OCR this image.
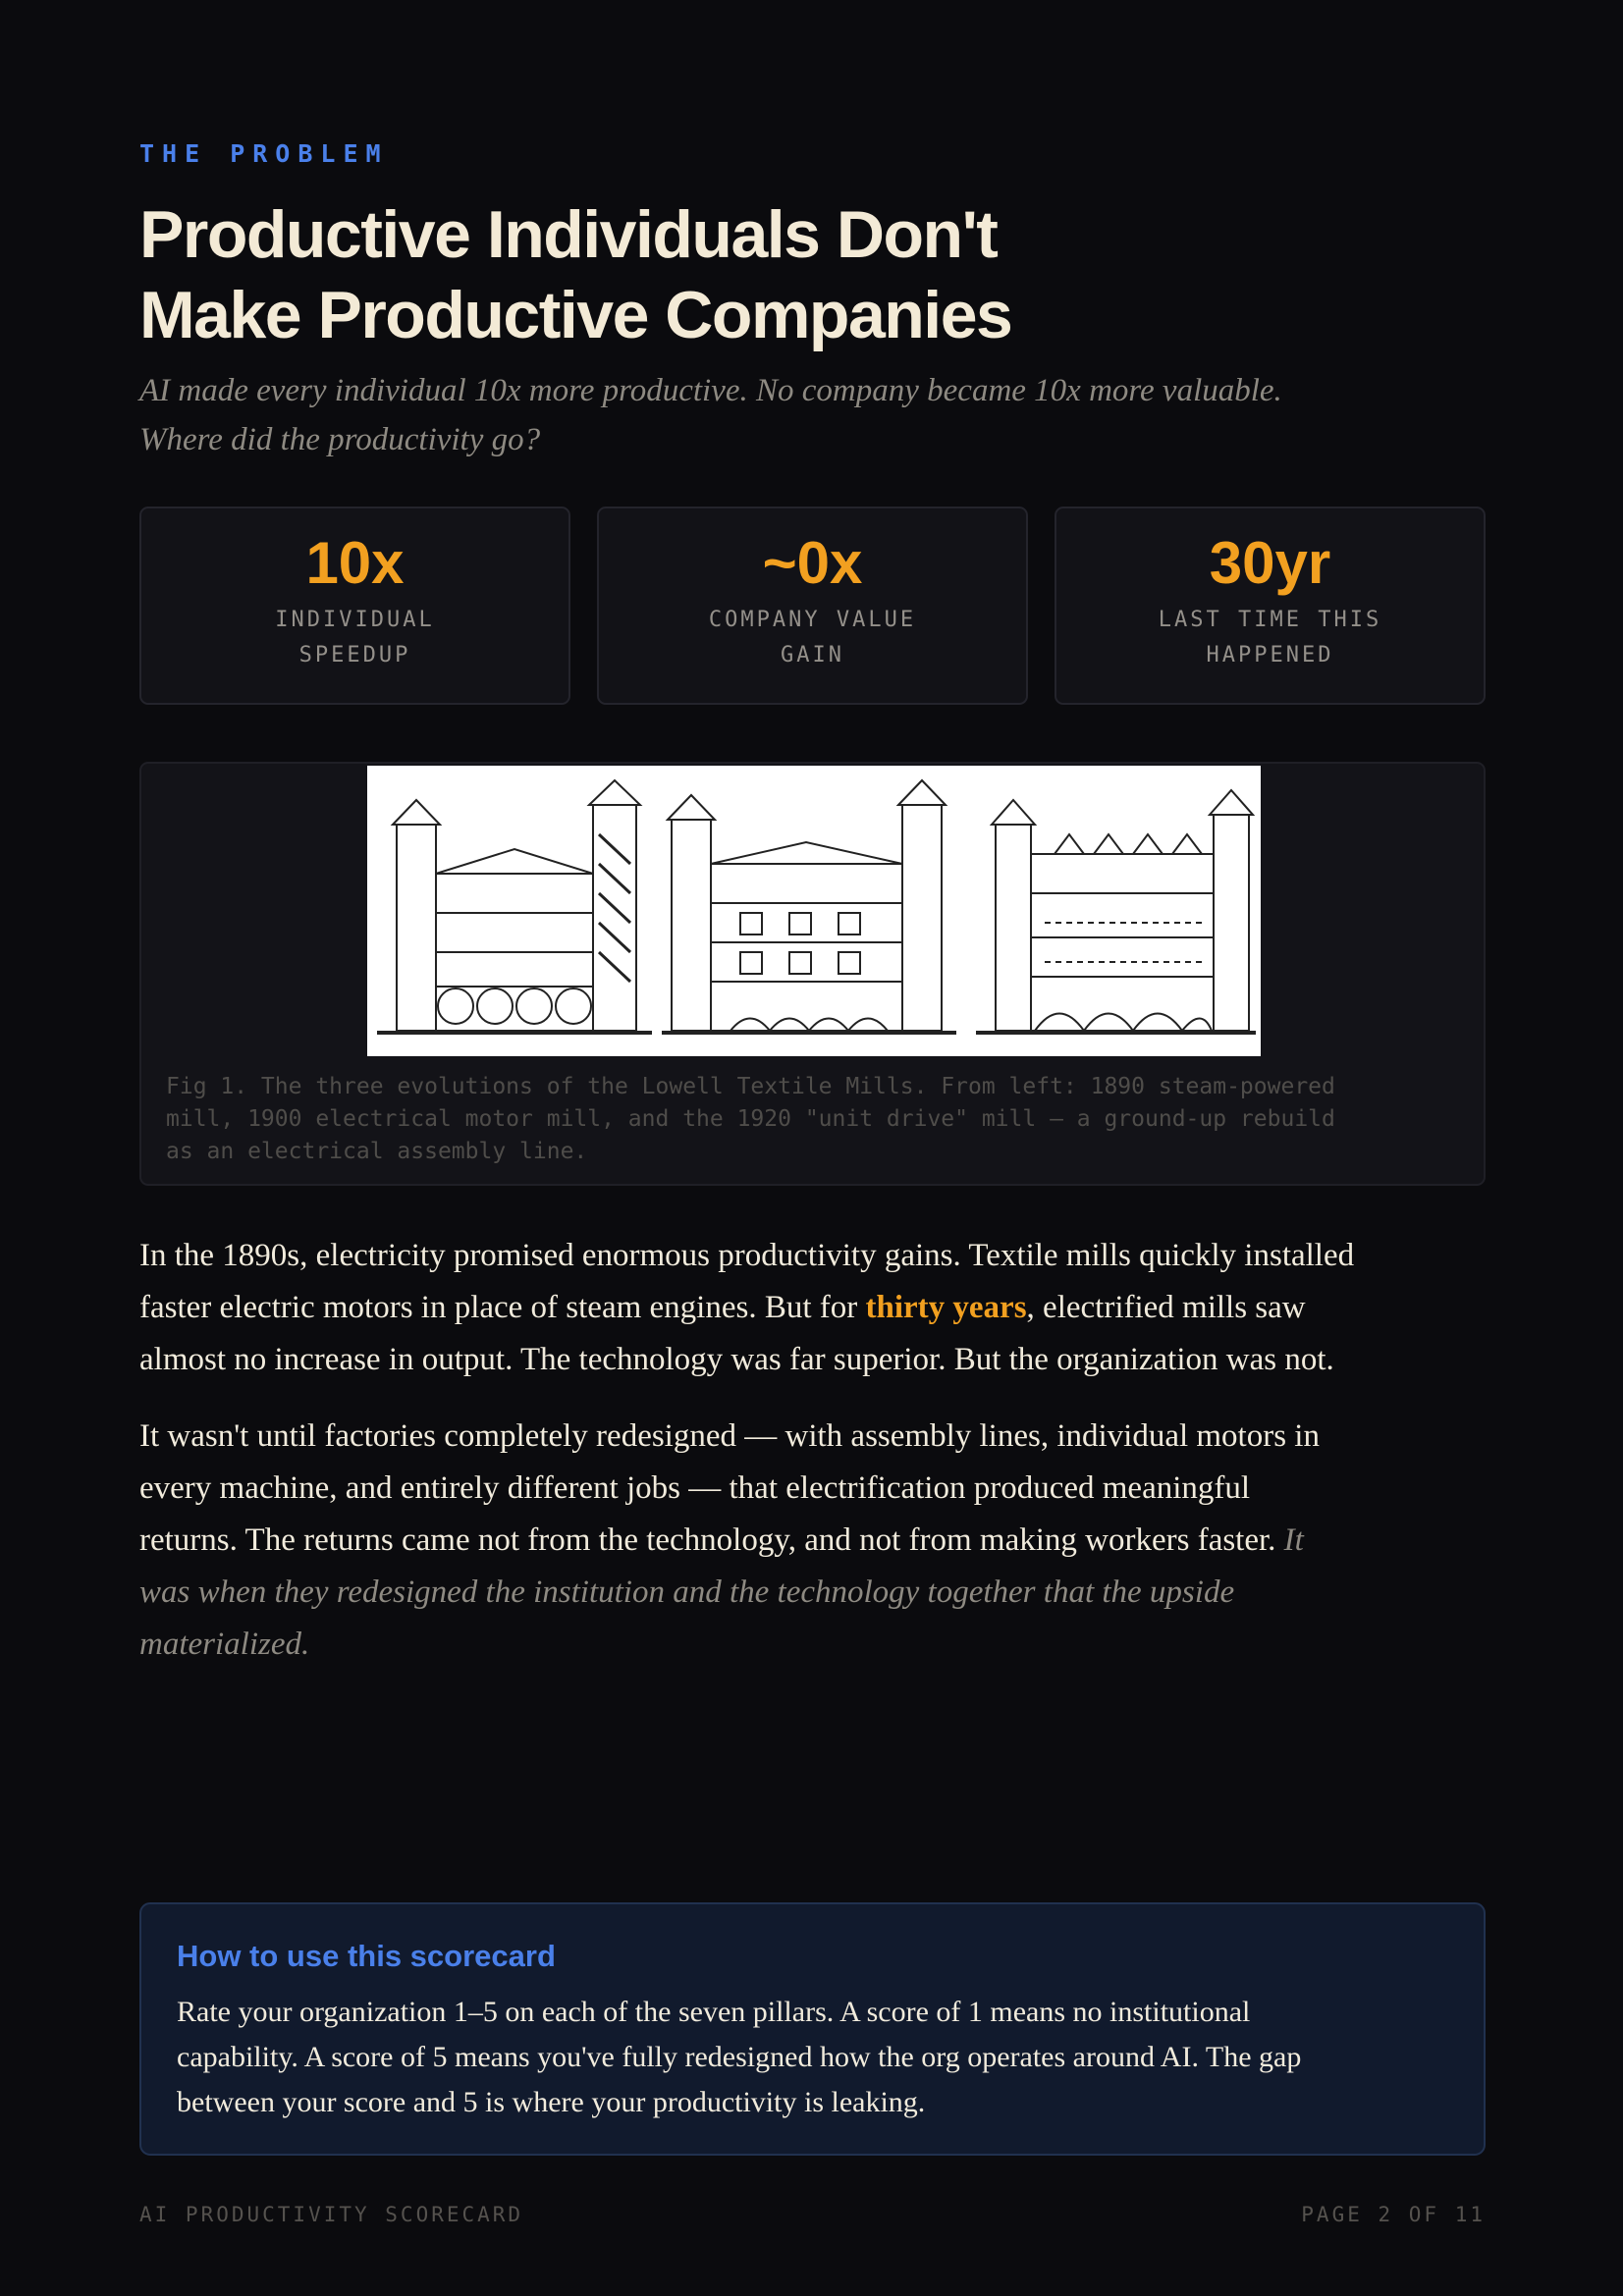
THE PROBLEM
Productive Individuals Don't
Make Productive Companies

AI made every individual 10x more productive. No company became 10x more valuable.
Where did the productivity go?

10x
INDIVIDUAL SPEEDUP
~0x
COMPANY VALUE GAIN
30yr
LAST TIME THIS HAPPENED
Fig 1. The three evolutions of the Lowell Textile Mills. From left: 1890 steam-powered
mill, 1900 electrical motor mill, and the 1920 "unit drive" mill — a ground-up rebuild
as an electrical assembly line.

In the 1890s, electricity promised enormous productivity gains. Textile mills quickly installed
faster electric motors in place of steam engines. But for thirty years, electrified mills saw
almost no increase in output. The technology was far superior. But the organization was not.

It wasn't until factories completely redesigned — with assembly lines, individual motors in
every machine, and entirely different jobs — that electrification produced meaningful
returns. The returns came not from the technology, and not from making workers faster. It
was when they redesigned the institution and the technology together that the upside
materialized.

How to use this scorecard
Rate your organization 1–5 on each of the seven pillars. A score of 1 means no institutional
capability. A score of 5 means you've fully redesigned how the org operates around AI. The gap
between your score and 5 is where your productivity is leaking.
AI PRODUCTIVITY SCORECARD	PAGE 2 OF 11
